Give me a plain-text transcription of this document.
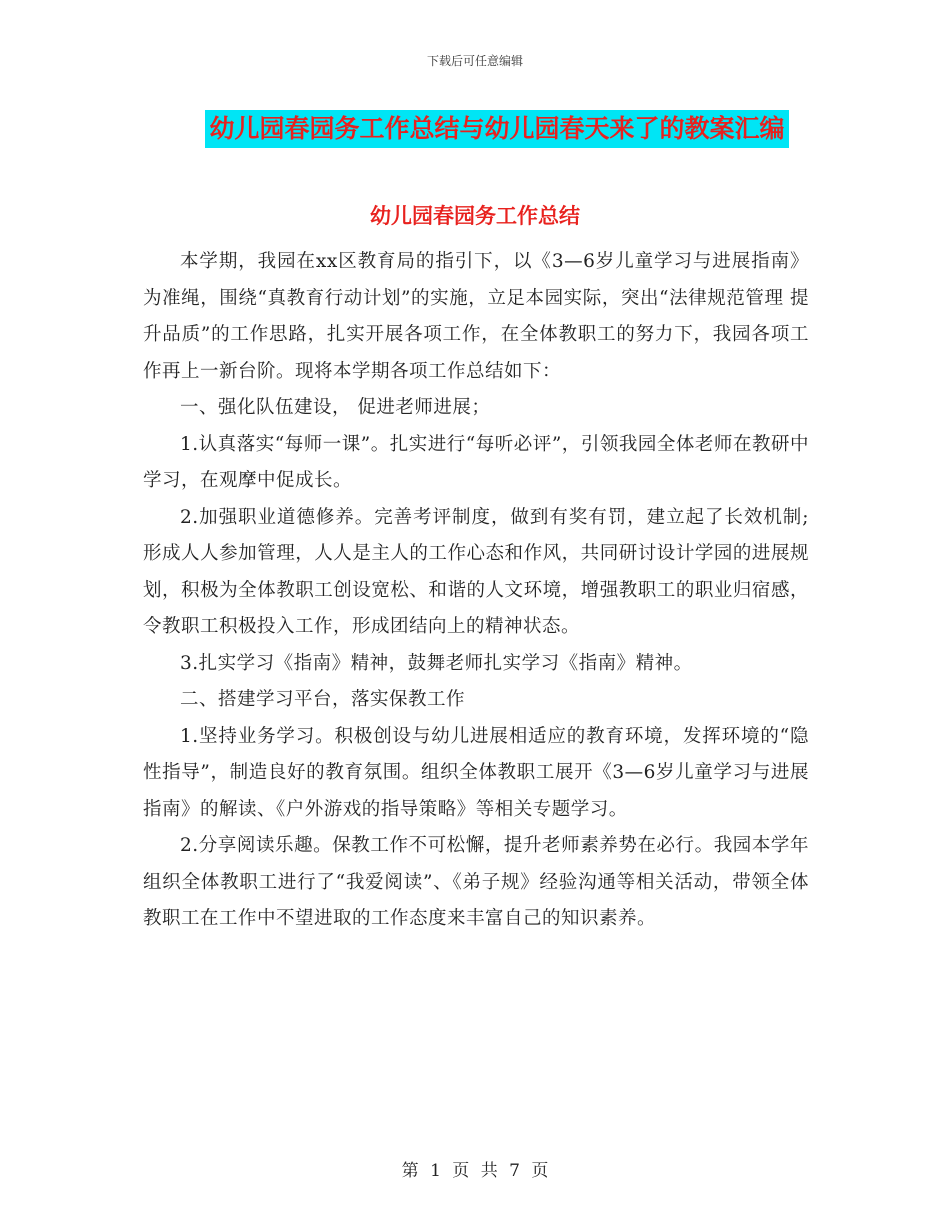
下载后可任意编辑
幼儿园春园务工作总结与幼儿园春天来了的教案汇编
幼儿园春园务工作总结

本学期，我园在xx区教育局的指引下，以《3—6岁儿童学习与进展指南》为准绳，围绕“真教育行动计划”的实施，立足本园实际，突出“法律规范管理 提升品质”的工作思路，扎实开展各项工作，在全体教职工的努力下，我园各项工作再上一新台阶。现将本学期各项工作总结如下：

一、强化队伍建设， 促进老师进展；

1.认真落实“每师一课”。扎实进行“每听必评”，引领我园全体老师在教研中学习，在观摩中促成长。

2.加强职业道德修养。完善考评制度，做到有奖有罚，建立起了长效机制;形成人人参加管理，人人是主人的工作心态和作风，共同研讨设计学园的进展规划，积极为全体教职工创设宽松、和谐的人文环境，增强教职工的职业归宿感，令教职工积极投入工作，形成团结向上的精神状态。

3.扎实学习《指南》精神，鼓舞老师扎实学习《指南》精神。

二、搭建学习平台，落实保教工作

1.坚持业务学习。积极创设与幼儿进展相适应的教育环境，发挥环境的“隐性指导”，制造良好的教育氛围。组织全体教职工展开《3—6岁儿童学习与进展指南》的解读、《户外游戏的指导策略》等相关专题学习。

2.分享阅读乐趣。保教工作不可松懈，提升老师素养势在必行。我园本学年组织全体教职工进行了“我爱阅读”、《弟子规》经验沟通等相关活动，带领全体教职工在工作中不望进取的工作态度来丰富自己的知识素养。

第 1 页 共 7 页
